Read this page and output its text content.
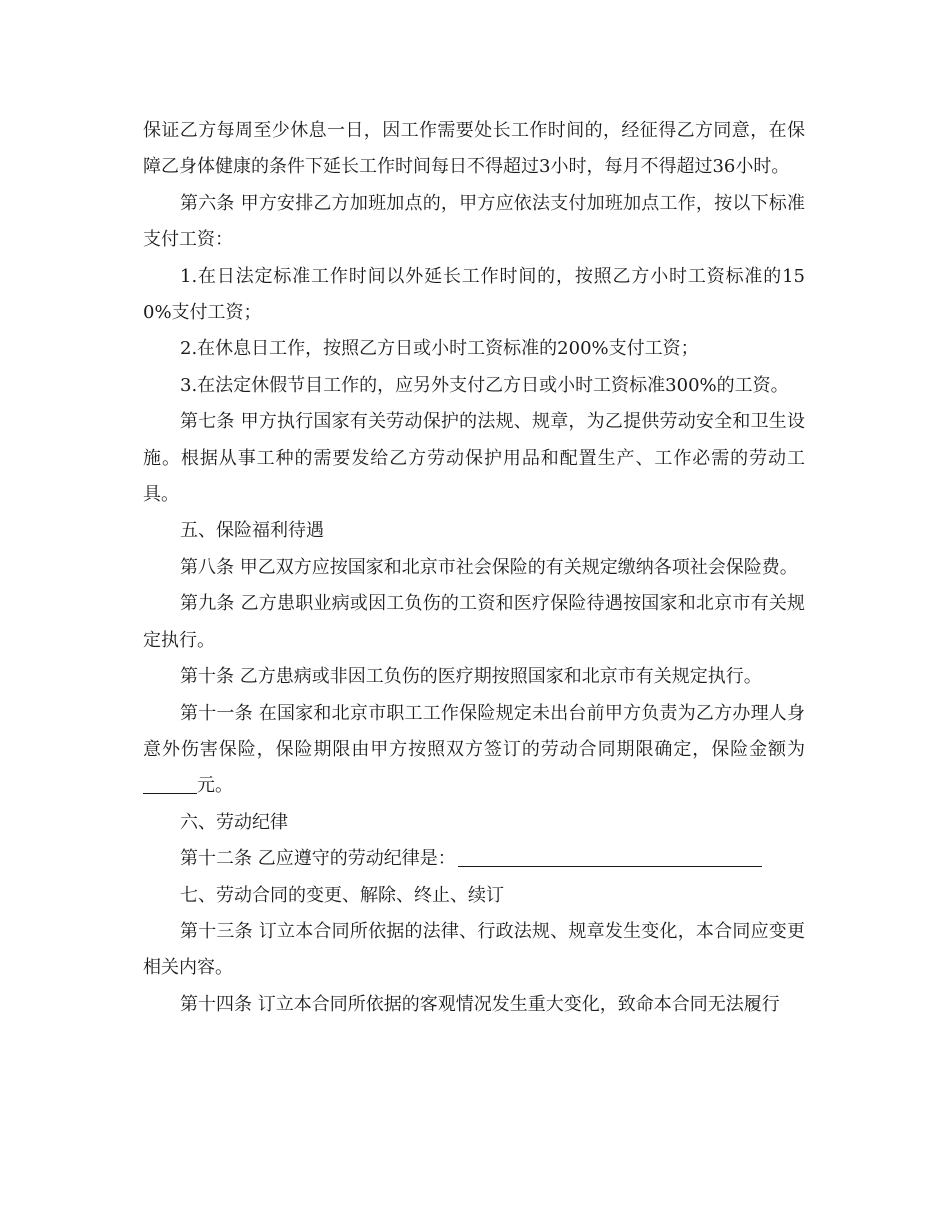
保证乙方每周至少休息一日，因工作需要处长工作时间的，经征得乙方同意，在保障乙身体健康的条件下延长工作时间每日不得超过3小时，每月不得超过36小时。

第六条 甲方安排乙方加班加点的，甲方应依法支付加班加点工作，按以下标准支付工资：

1.在日法定标准工作时间以外延长工作时间的，按照乙方小时工资标准的150%支付工资；

2.在休息日工作，按照乙方日或小时工资标准的200%支付工资；

3.在法定休假节目工作的，应另外支付乙方日或小时工资标准300%的工资。

第七条 甲方执行国家有关劳动保护的法规、规章，为乙提供劳动安全和卫生设施。根据从事工种的需要发给乙方劳动保护用品和配置生产、工作必需的劳动工具。

五、保险福利待遇

第八条 甲乙双方应按国家和北京市社会保险的有关规定缴纳各项社会保险费。

第九条 乙方患职业病或因工负伤的工资和医疗保险待遇按国家和北京市有关规定执行。

第十条 乙方患病或非因工负伤的医疗期按照国家和北京市有关规定执行。

第十一条 在国家和北京市职工工作保险规定未出台前甲方负责为乙方办理人身意外伤害保险，保险期限由甲方按照双方签订的劳动合同期限确定，保险金额为元。

六、劳动纪律

第十二条 乙应遵守的劳动纪律是：

七、劳动合同的变更、解除、终止、续订

第十三条 订立本合同所依据的法律、行政法规、规章发生变化，本合同应变更相关内容。

第十四条 订立本合同所依据的客观情况发生重大变化，致命本合同无法履行
